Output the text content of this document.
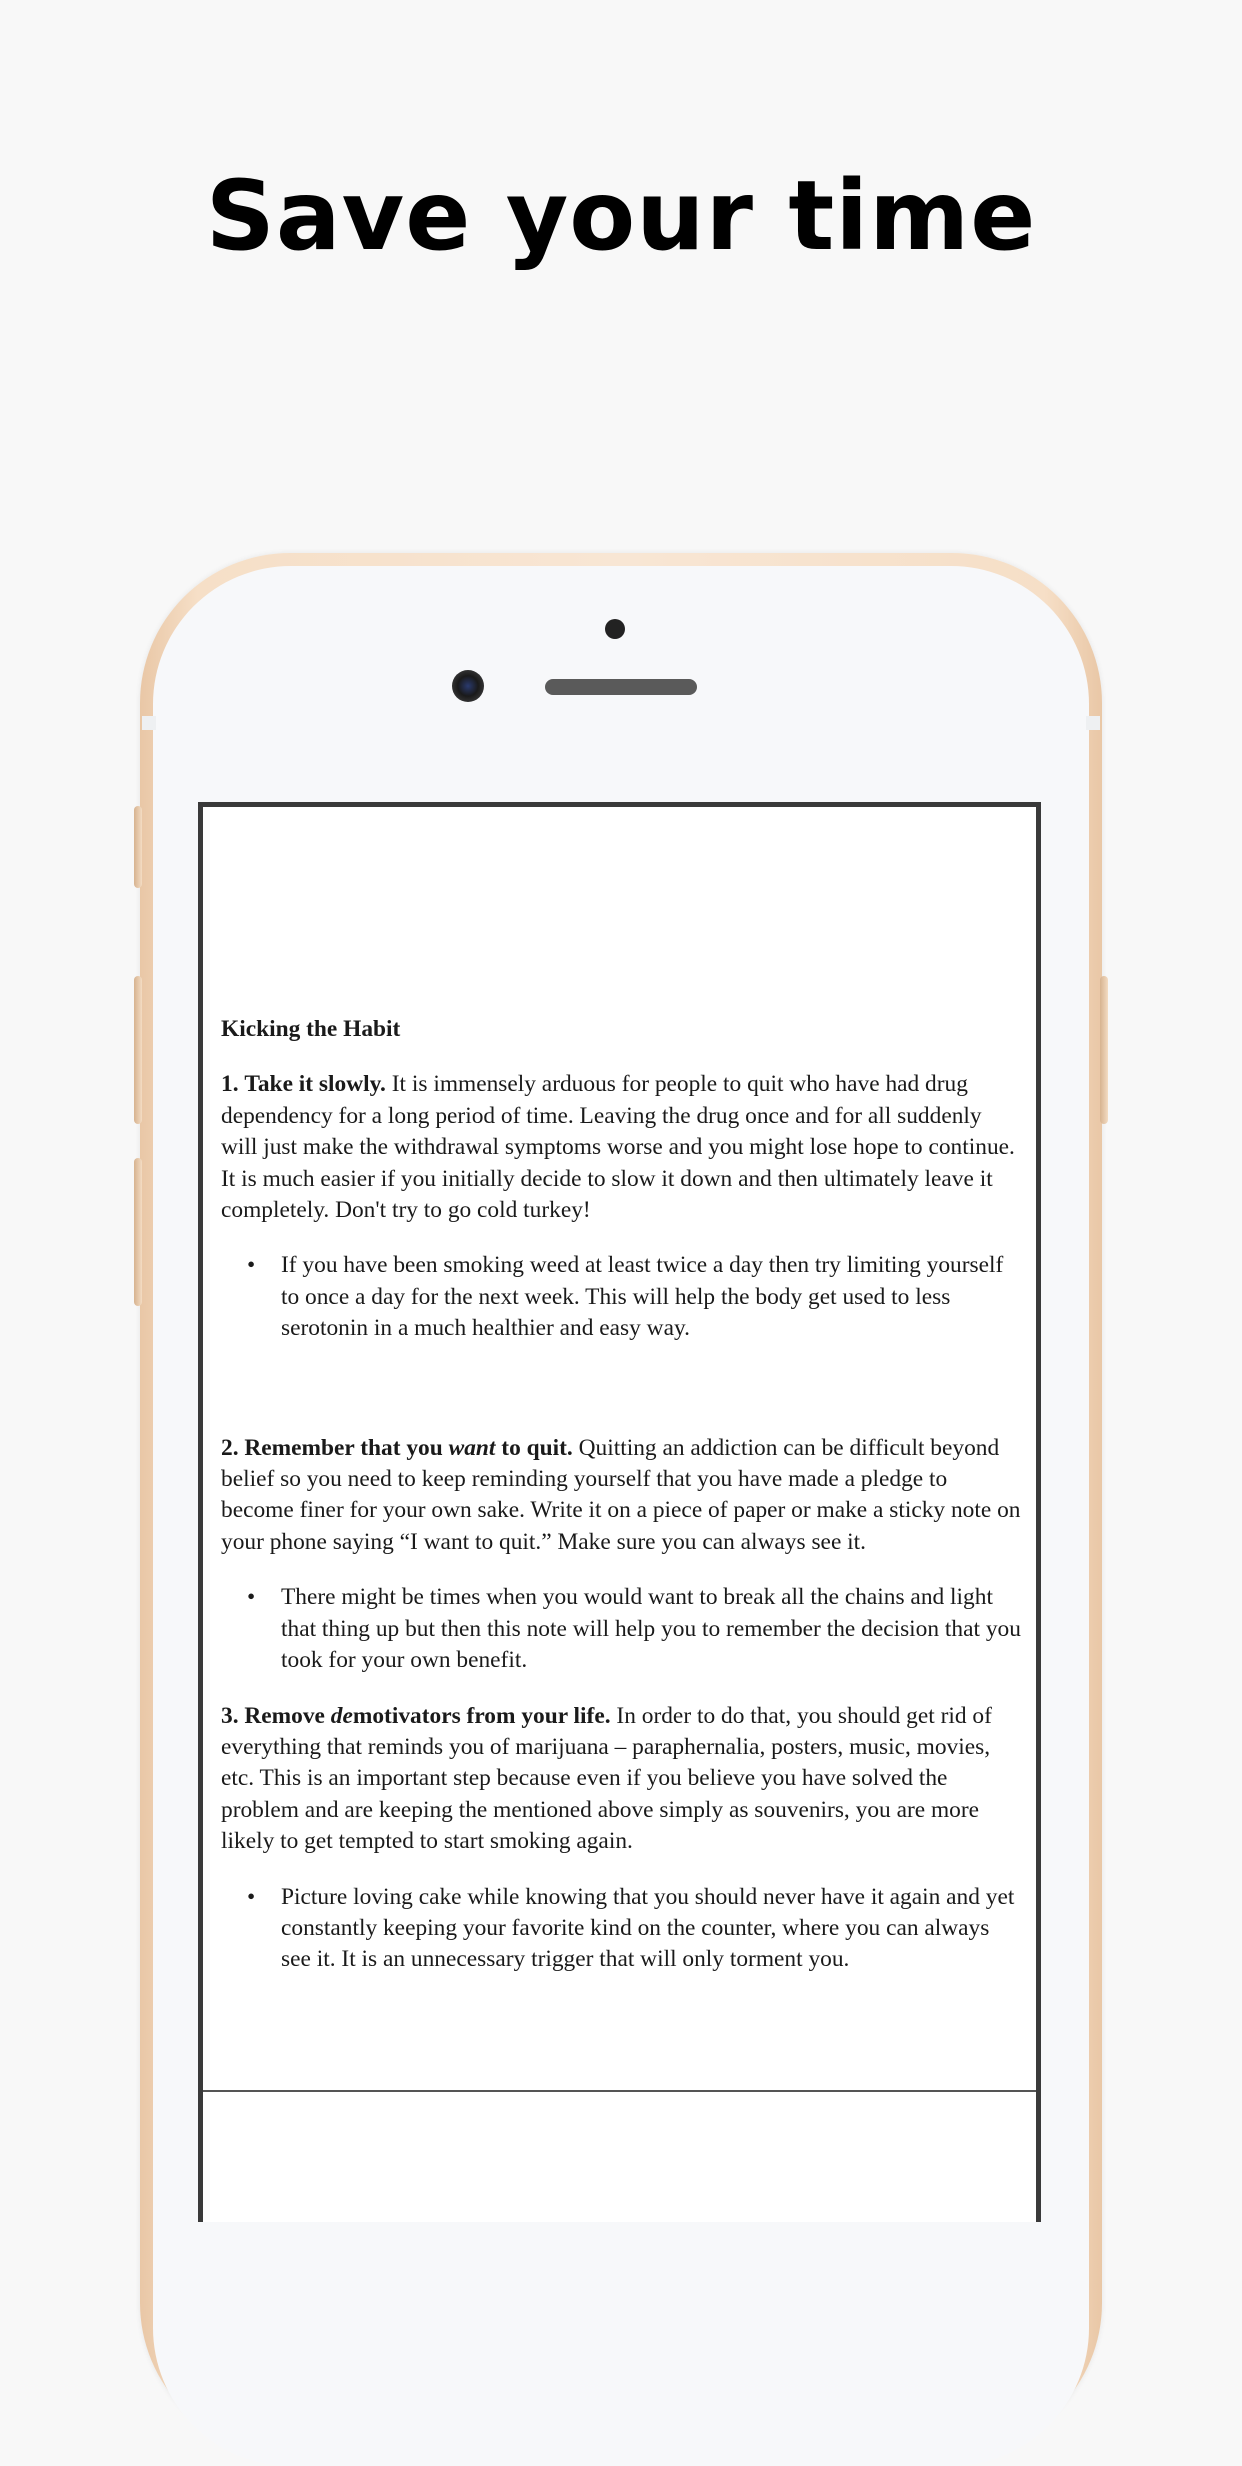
Save your time

Kicking the Habit

1. Take it slowly. It is immensely arduous for people to quit who have had drug dependency for a long period of time. Leaving the drug once and for all suddenly will just make the withdrawal symptoms worse and you might lose hope to continue. It is much easier if you initially decide to slow it down and then ultimately leave it completely. Don't try to go cold turkey!

• If you have been smoking weed at least twice a day then try limiting yourself to once a day for the next week. This will help the body get used to less serotonin in a much healthier and easy way.

2. Remember that you want to quit. Quitting an addiction can be difficult beyond belief so you need to keep reminding yourself that you have made a pledge to become finer for your own sake. Write it on a piece of paper or make a sticky note on your phone saying “I want to quit.” Make sure you can always see it.

• There might be times when you would want to break all the chains and light that thing up but then this note will help you to remember the decision that you took for your own benefit.

3. Remove demotivators from your life. In order to do that, you should get rid of everything that reminds you of marijuana – paraphernalia, posters, music, movies, etc. This is an important step because even if you believe you have solved the problem and are keeping the mentioned above simply as souvenirs, you are more likely to get tempted to start smoking again.

• Picture loving cake while knowing that you should never have it again and yet constantly keeping your favorite kind on the counter, where you can always see it. It is an unnecessary trigger that will only torment you.
